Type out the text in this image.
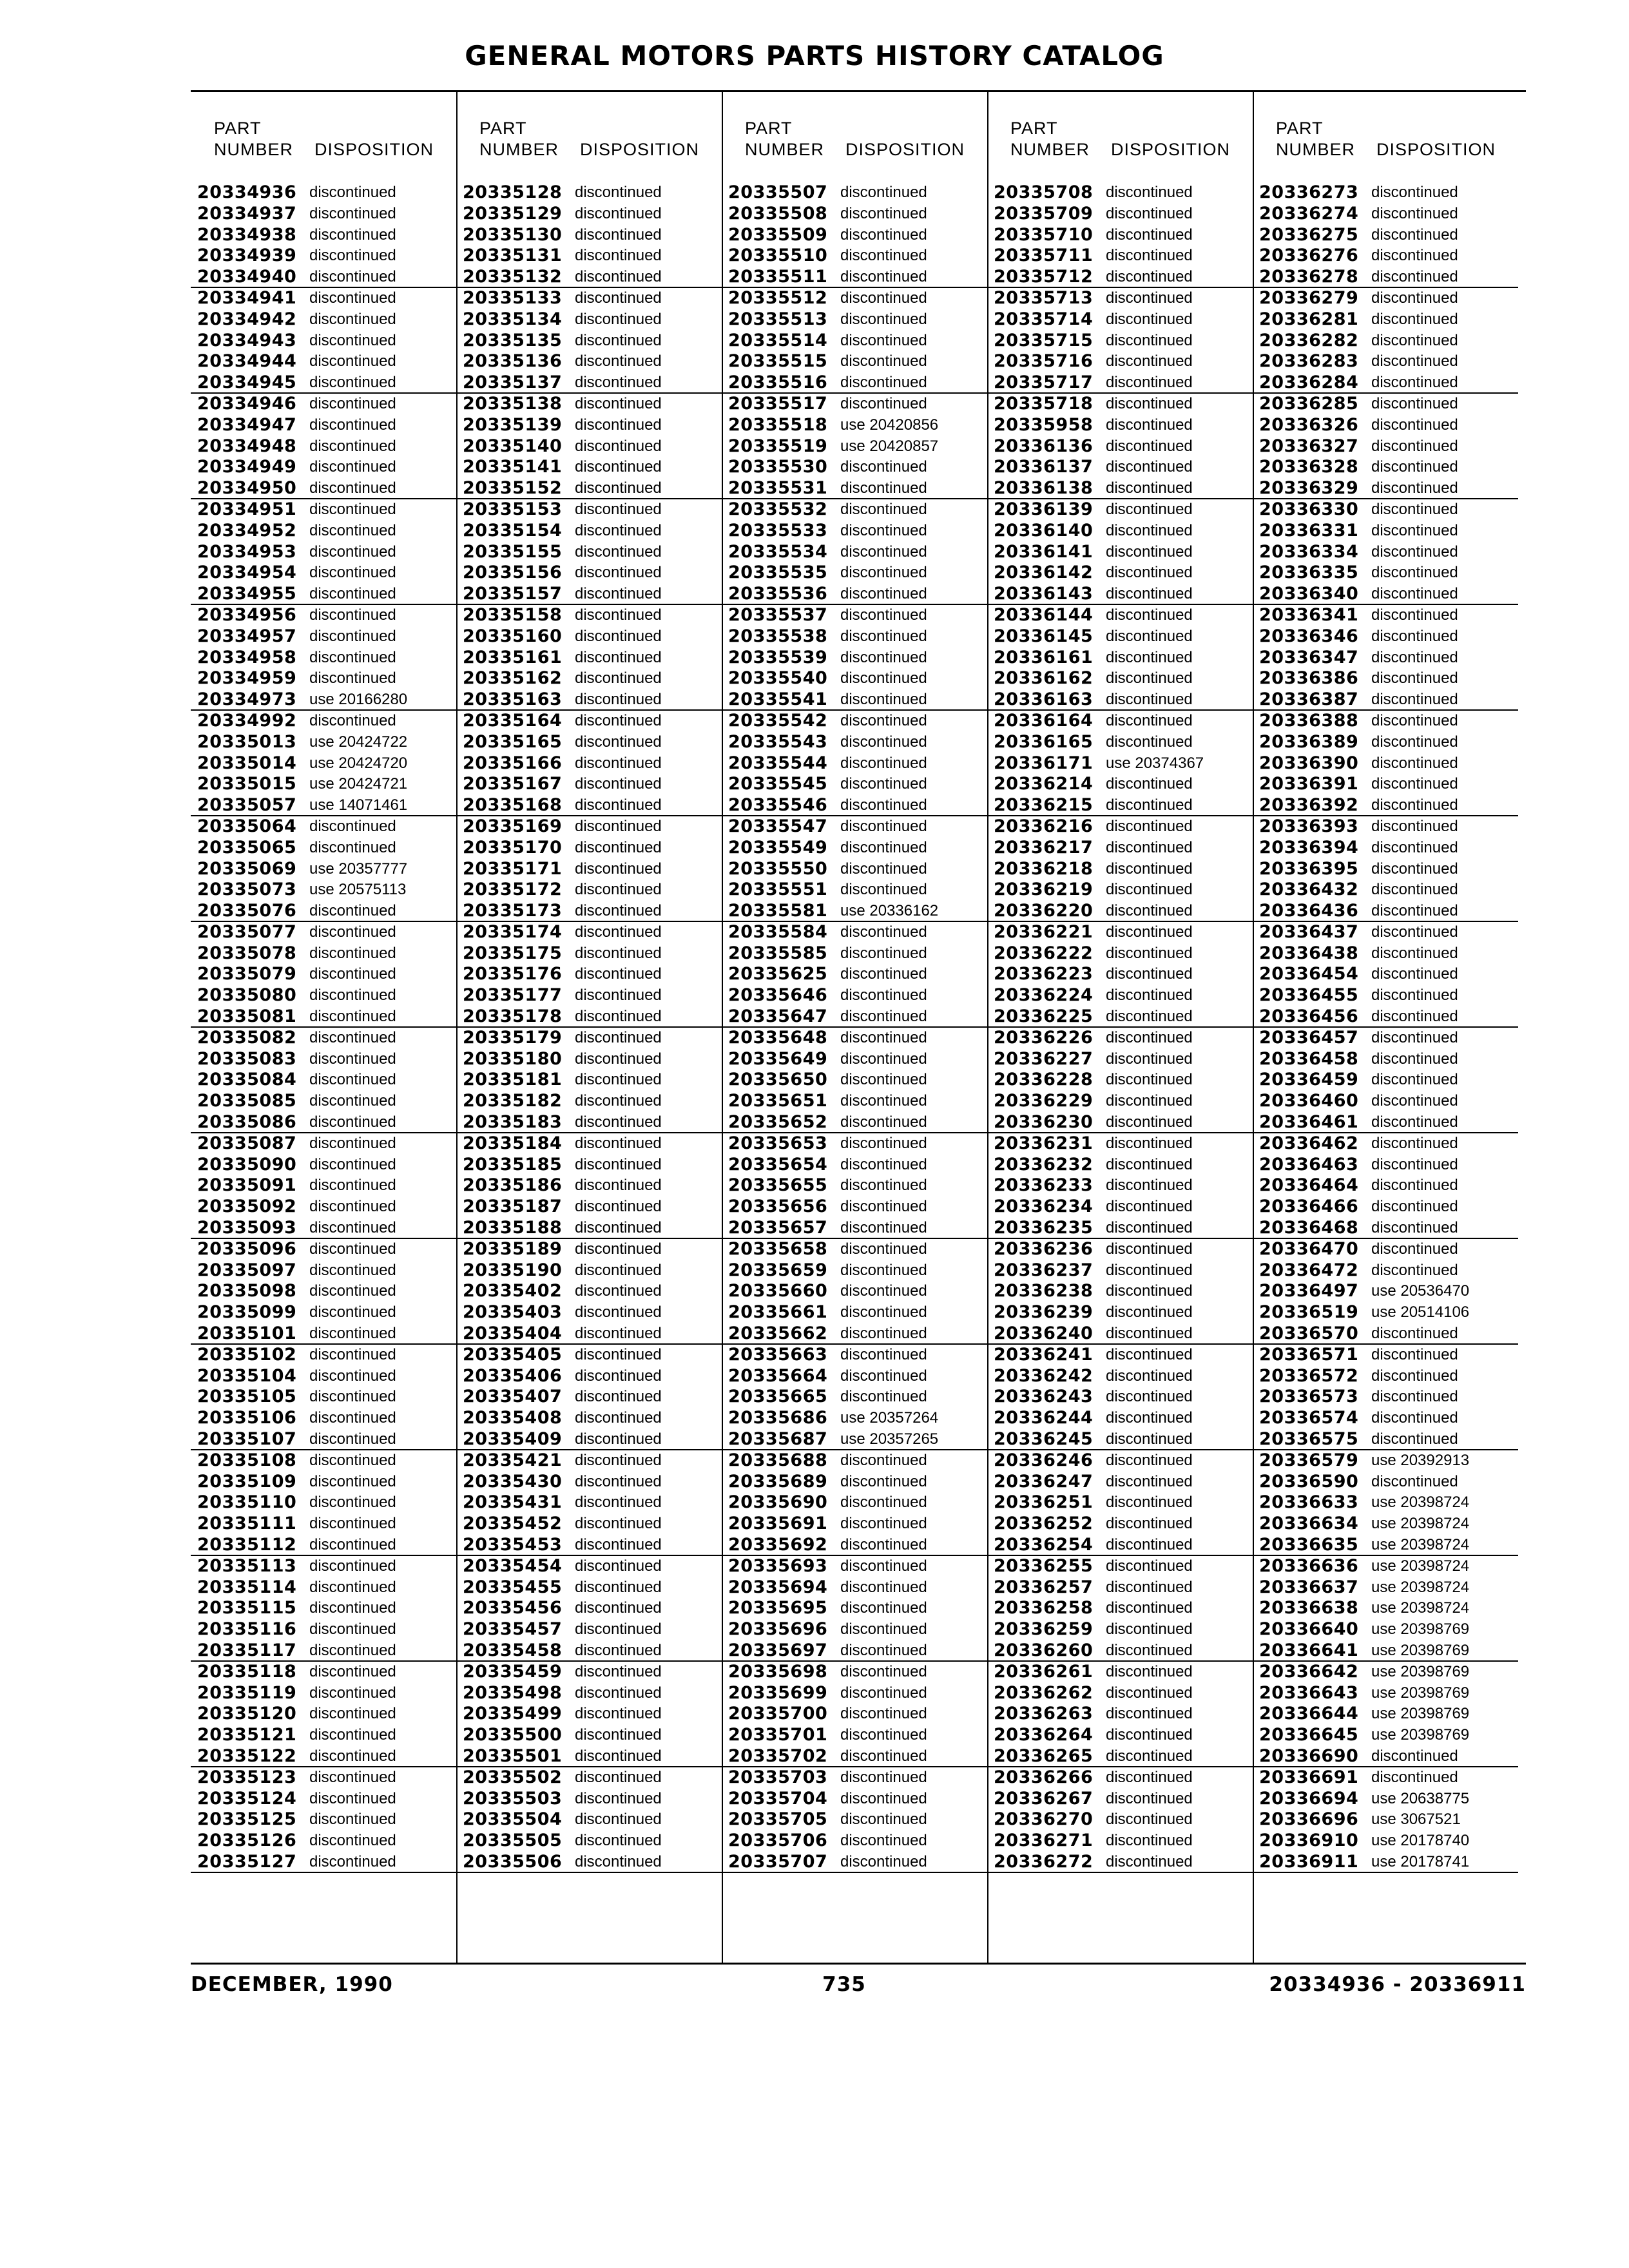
GENERAL MOTORS PARTS HISTORY CATALOG
PART
NUMBER DISPOSITION
20334936 discontinued
20334937 discontinued
20334938 discontinued
20334939 discontinued
20334940 discontinued
20334941 discontinued
20334942 discontinued
20334943 discontinued
20334944 discontinued
20334945 discontinued
20334946 discontinued
20334947 discontinued
20334948 discontinued
20334949 discontinued
20334950 discontinued
20334951 discontinued
20334952 discontinued
20334953 discontinued
20334954 discontinued
20334955 discontinued
20334956 discontinued
20334957 discontinued
20334958 discontinued
20334959 discontinued
20334973 use 20166280
20334992 discontinued
20335013 use 20424722
20335014 use 20424720
20335015 use 20424721
20335057 use 14071461
20335064 discontinued
20335065 discontinued
20335069 use 20357777
20335073 use 20575113
20335076 discontinued
20335077 discontinued
20335078 discontinued
20335079 discontinued
20335080 discontinued
20335081 discontinued
20335082 discontinued
20335083 discontinued
20335084 discontinued
20335085 discontinued
20335086 discontinued
20335087 discontinued
20335090 discontinued
20335091 discontinued
20335092 discontinued
20335093 discontinued
20335096 discontinued
20335097 discontinued
20335098 discontinued
20335099 discontinued
20335101 discontinued
20335102 discontinued
20335104 discontinued
20335105 discontinued
20335106 discontinued
20335107 discontinued
20335108 discontinued
20335109 discontinued
20335110 discontinued
20335111 discontinued
20335112 discontinued
20335113 discontinued
20335114 discontinued
20335115 discontinued
20335116 discontinued
20335117 discontinued
20335118 discontinued
20335119 discontinued
20335120 discontinued
20335121 discontinued
20335122 discontinued
20335123 discontinued
20335124 discontinued
20335125 discontinued
20335126 discontinued
20335127 discontinued
PART
NUMBER DISPOSITION
20335128 discontinued
20335129 discontinued
20335130 discontinued
20335131 discontinued
20335132 discontinued
20335133 discontinued
20335134 discontinued
20335135 discontinued
20335136 discontinued
20335137 discontinued
20335138 discontinued
20335139 discontinued
20335140 discontinued
20335141 discontinued
20335152 discontinued
20335153 discontinued
20335154 discontinued
20335155 discontinued
20335156 discontinued
20335157 discontinued
20335158 discontinued
20335160 discontinued
20335161 discontinued
20335162 discontinued
20335163 discontinued
20335164 discontinued
20335165 discontinued
20335166 discontinued
20335167 discontinued
20335168 discontinued
20335169 discontinued
20335170 discontinued
20335171 discontinued
20335172 discontinued
20335173 discontinued
20335174 discontinued
20335175 discontinued
20335176 discontinued
20335177 discontinued
20335178 discontinued
20335179 discontinued
20335180 discontinued
20335181 discontinued
20335182 discontinued
20335183 discontinued
20335184 discontinued
20335185 discontinued
20335186 discontinued
20335187 discontinued
20335188 discontinued
20335189 discontinued
20335190 discontinued
20335402 discontinued
20335403 discontinued
20335404 discontinued
20335405 discontinued
20335406 discontinued
20335407 discontinued
20335408 discontinued
20335409 discontinued
20335421 discontinued
20335430 discontinued
20335431 discontinued
20335452 discontinued
20335453 discontinued
20335454 discontinued
20335455 discontinued
20335456 discontinued
20335457 discontinued
20335458 discontinued
20335459 discontinued
20335498 discontinued
20335499 discontinued
20335500 discontinued
20335501 discontinued
20335502 discontinued
20335503 discontinued
20335504 discontinued
20335505 discontinued
20335506 discontinued
PART
NUMBER DISPOSITION
20335507 discontinued
20335508 discontinued
20335509 discontinued
20335510 discontinued
20335511 discontinued
20335512 discontinued
20335513 discontinued
20335514 discontinued
20335515 discontinued
20335516 discontinued
20335517 discontinued
20335518 use 20420856
20335519 use 20420857
20335530 discontinued
20335531 discontinued
20335532 discontinued
20335533 discontinued
20335534 discontinued
20335535 discontinued
20335536 discontinued
20335537 discontinued
20335538 discontinued
20335539 discontinued
20335540 discontinued
20335541 discontinued
20335542 discontinued
20335543 discontinued
20335544 discontinued
20335545 discontinued
20335546 discontinued
20335547 discontinued
20335549 discontinued
20335550 discontinued
20335551 discontinued
20335581 use 20336162
20335584 discontinued
20335585 discontinued
20335625 discontinued
20335646 discontinued
20335647 discontinued
20335648 discontinued
20335649 discontinued
20335650 discontinued
20335651 discontinued
20335652 discontinued
20335653 discontinued
20335654 discontinued
20335655 discontinued
20335656 discontinued
20335657 discontinued
20335658 discontinued
20335659 discontinued
20335660 discontinued
20335661 discontinued
20335662 discontinued
20335663 discontinued
20335664 discontinued
20335665 discontinued
20335686 use 20357264
20335687 use 20357265
20335688 discontinued
20335689 discontinued
20335690 discontinued
20335691 discontinued
20335692 discontinued
20335693 discontinued
20335694 discontinued
20335695 discontinued
20335696 discontinued
20335697 discontinued
20335698 discontinued
20335699 discontinued
20335700 discontinued
20335701 discontinued
20335702 discontinued
20335703 discontinued
20335704 discontinued
20335705 discontinued
20335706 discontinued
20335707 discontinued
PART
NUMBER DISPOSITION
20335708 discontinued
20335709 discontinued
20335710 discontinued
20335711 discontinued
20335712 discontinued
20335713 discontinued
20335714 discontinued
20335715 discontinued
20335716 discontinued
20335717 discontinued
20335718 discontinued
20335958 discontinued
20336136 discontinued
20336137 discontinued
20336138 discontinued
20336139 discontinued
20336140 discontinued
20336141 discontinued
20336142 discontinued
20336143 discontinued
20336144 discontinued
20336145 discontinued
20336161 discontinued
20336162 discontinued
20336163 discontinued
20336164 discontinued
20336165 discontinued
20336171 use 20374367
20336214 discontinued
20336215 discontinued
20336216 discontinued
20336217 discontinued
20336218 discontinued
20336219 discontinued
20336220 discontinued
20336221 discontinued
20336222 discontinued
20336223 discontinued
20336224 discontinued
20336225 discontinued
20336226 discontinued
20336227 discontinued
20336228 discontinued
20336229 discontinued
20336230 discontinued
20336231 discontinued
20336232 discontinued
20336233 discontinued
20336234 discontinued
20336235 discontinued
20336236 discontinued
20336237 discontinued
20336238 discontinued
20336239 discontinued
20336240 discontinued
20336241 discontinued
20336242 discontinued
20336243 discontinued
20336244 discontinued
20336245 discontinued
20336246 discontinued
20336247 discontinued
20336251 discontinued
20336252 discontinued
20336254 discontinued
20336255 discontinued
20336257 discontinued
20336258 discontinued
20336259 discontinued
20336260 discontinued
20336261 discontinued
20336262 discontinued
20336263 discontinued
20336264 discontinued
20336265 discontinued
20336266 discontinued
20336267 discontinued
20336270 discontinued
20336271 discontinued
20336272 discontinued
PART
NUMBER DISPOSITION
20336273 discontinued
20336274 discontinued
20336275 discontinued
20336276 discontinued
20336278 discontinued
20336279 discontinued
20336281 discontinued
20336282 discontinued
20336283 discontinued
20336284 discontinued
20336285 discontinued
20336326 discontinued
20336327 discontinued
20336328 discontinued
20336329 discontinued
20336330 discontinued
20336331 discontinued
20336334 discontinued
20336335 discontinued
20336340 discontinued
20336341 discontinued
20336346 discontinued
20336347 discontinued
20336386 discontinued
20336387 discontinued
20336388 discontinued
20336389 discontinued
20336390 discontinued
20336391 discontinued
20336392 discontinued
20336393 discontinued
20336394 discontinued
20336395 discontinued
20336432 discontinued
20336436 discontinued
20336437 discontinued
20336438 discontinued
20336454 discontinued
20336455 discontinued
20336456 discontinued
20336457 discontinued
20336458 discontinued
20336459 discontinued
20336460 discontinued
20336461 discontinued
20336462 discontinued
20336463 discontinued
20336464 discontinued
20336466 discontinued
20336468 discontinued
20336470 discontinued
20336472 discontinued
20336497 use 20536470
20336519 use 20514106
20336570 discontinued
20336571 discontinued
20336572 discontinued
20336573 discontinued
20336574 discontinued
20336575 discontinued
20336579 use 20392913
20336590 discontinued
20336633 use 20398724
20336634 use 20398724
20336635 use 20398724
20336636 use 20398724
20336637 use 20398724
20336638 use 20398724
20336640 use 20398769
20336641 use 20398769
20336642 use 20398769
20336643 use 20398769
20336644 use 20398769
20336645 use 20398769
20336690 discontinued
20336691 discontinued
20336694 use 20638775
20336696 use 3067521
20336910 use 20178740
20336911 use 20178741
DECEMBER, 1990	735	20334936 - 20336911
